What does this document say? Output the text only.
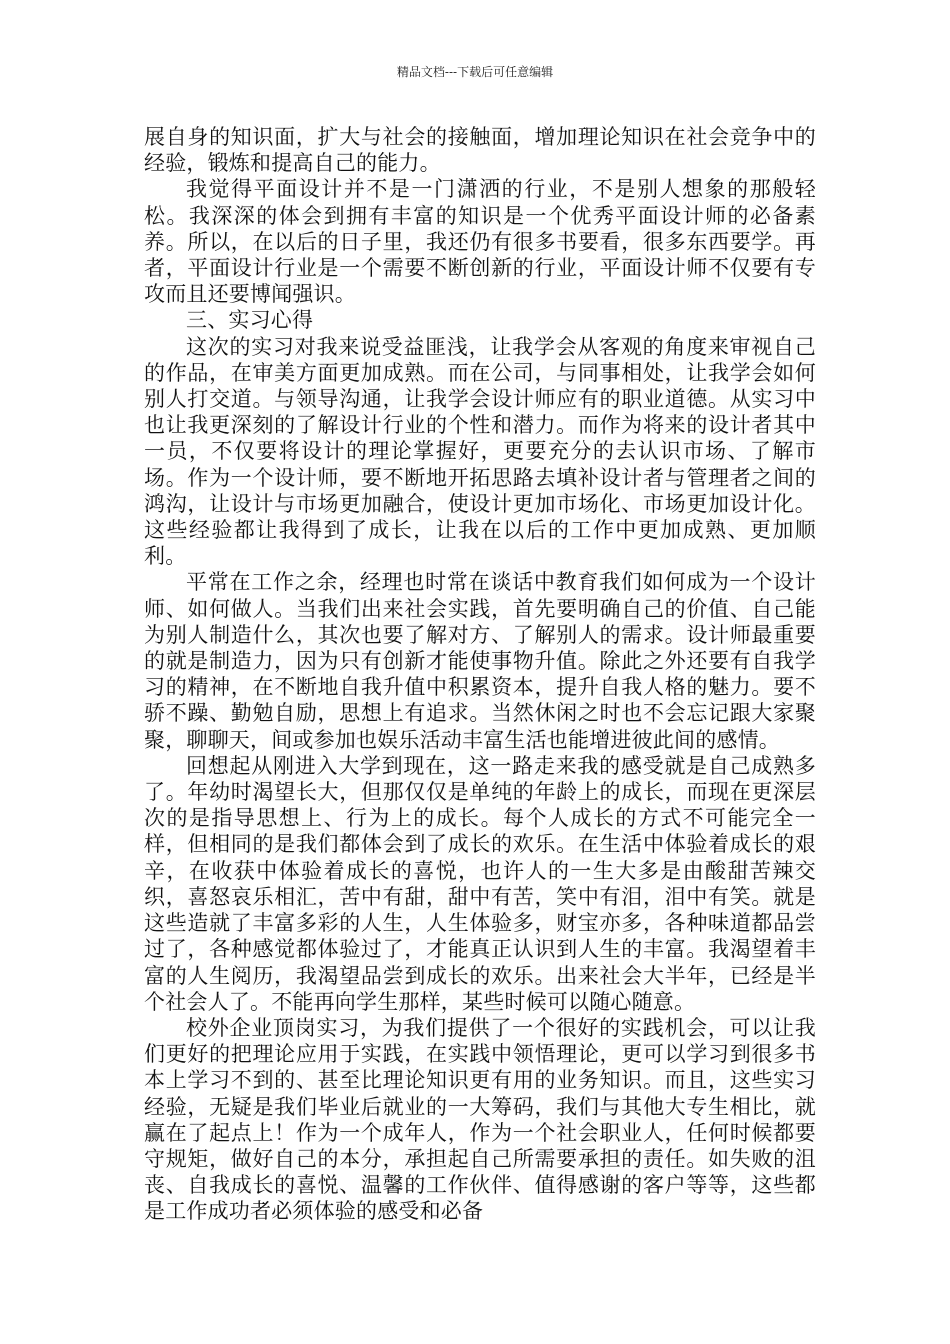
精品文档---下载后可任意编辑

展自身的知识面，扩大与社会的接触面，增加理论知识在社会竞争中的经验，锻炼和提高自己的能力。

我觉得平面设计并不是一门潇洒的行业，不是别人想象的那般轻松。我深深的体会到拥有丰富的知识是一个优秀平面设计师的必备素养。所以，在以后的日子里，我还仍有很多书要看，很多东西要学。再者，平面设计行业是一个需要不断创新的行业，平面设计师不仅要有专攻而且还要博闻强识。

三、实习心得

这次的实习对我来说受益匪浅，让我学会从客观的角度来审视自己的作品，在审美方面更加成熟。而在公司，与同事相处，让我学会如何别人打交道。与领导沟通，让我学会设计师应有的职业道德。从实习中也让我更深刻的了解设计行业的个性和潜力。而作为将来的设计者其中一员，不仅要将设计的理论掌握好，更要充分的去认识市场、了解市场。作为一个设计师，要不断地开拓思路去填补设计者与管理者之间的鸿沟，让设计与市场更加融合，使设计更加市场化、市场更加设计化。这些经验都让我得到了成长，让我在以后的工作中更加成熟、更加顺利。

平常在工作之余，经理也时常在谈话中教育我们如何成为一个设计师、如何做人。当我们出来社会实践，首先要明确自己的价值、自己能为别人制造什么，其次也要了解对方、了解别人的需求。设计师最重要的就是制造力，因为只有创新才能使事物升值。除此之外还要有自我学习的精神，在不断地自我升值中积累资本，提升自我人格的魅力。要不骄不躁、勤勉自励，思想上有追求。当然休闲之时也不会忘记跟大家聚聚，聊聊天，间或参加也娱乐活动丰富生活也能增进彼此间的感情。

回想起从刚进入大学到现在，这一路走来我的感受就是自己成熟多了。年幼时渴望长大，但那仅仅是单纯的年龄上的成长，而现在更深层次的是指导思想上、行为上的成长。每个人成长的方式不可能完全一样，但相同的是我们都体会到了成长的欢乐。在生活中体验着成长的艰辛，在收获中体验着成长的喜悦，也许人的一生大多是由酸甜苦辣交织，喜怒哀乐相汇，苦中有甜，甜中有苦，笑中有泪，泪中有笑。就是这些造就了丰富多彩的人生，人生体验多，财宝亦多，各种味道都品尝过了，各种感觉都体验过了，才能真正认识到人生的丰富。我渴望着丰富的人生阅历，我渴望品尝到成长的欢乐。出来社会大半年，已经是半个社会人了。不能再向学生那样，某些时候可以随心随意。

校外企业顶岗实习，为我们提供了一个很好的实践机会，可以让我们更好的把理论应用于实践，在实践中领悟理论，更可以学习到很多书本上学习不到的、甚至比理论知识更有用的业务知识。而且，这些实习经验，无疑是我们毕业后就业的一大筹码，我们与其他大专生相比，就赢在了起点上！作为一个成年人，作为一个社会职业人，任何时候都要守规矩，做好自己的本分，承担起自己所需要承担的责任。如失败的沮丧、自我成长的喜悦、温馨的工作伙伴、值得感谢的客户等等，这些都是工作成功者必须体验的感受和必备
